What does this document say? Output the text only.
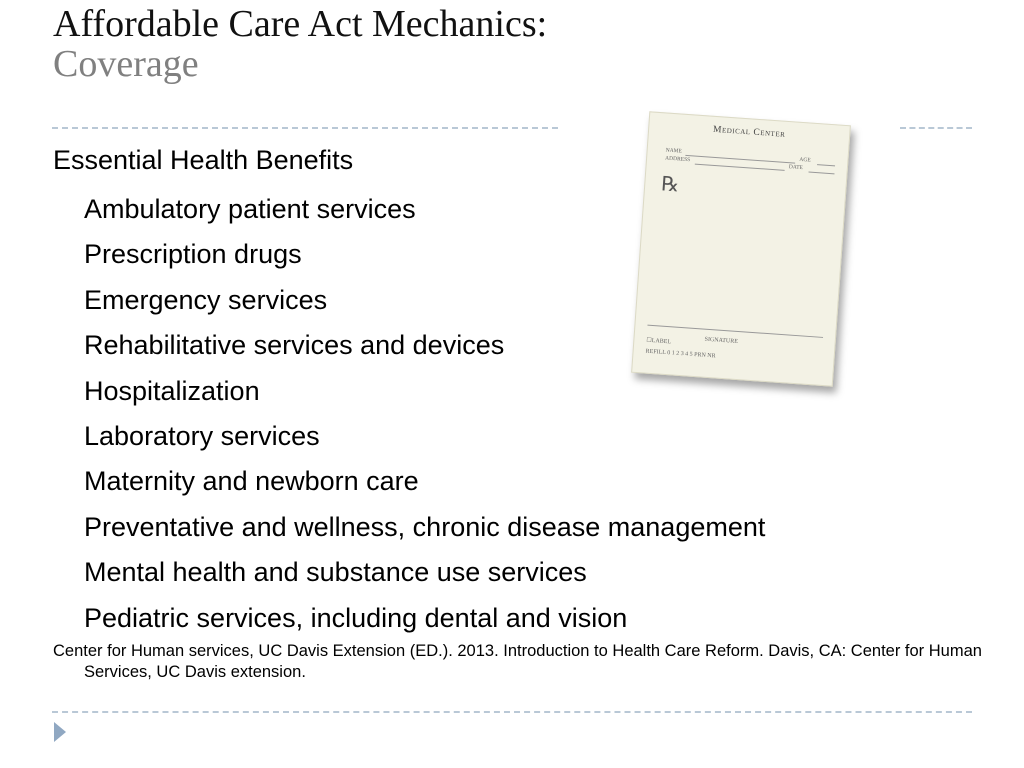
Affordable Care Act Mechanics:
Coverage
Medical Center
NAME
AGE
ADDRESS
DATE
℞
SIGNATURE
☐LABEL
REFILL 0 1 2 3 4 5 PRN NR

Essential Health Benefits

Ambulatory patient services
Prescription drugs
Emergency services
Rehabilitative services and devices
Hospitalization
Laboratory services
Maternity and newborn care
Preventative and wellness, chronic disease management
Mental health and substance use services
Pediatric services, including dental and vision
Center for Human services, UC Davis Extension (ED.). 2013. Introduction to Health Care Reform. Davis, CA: Center for Human Services, UC Davis extension.
